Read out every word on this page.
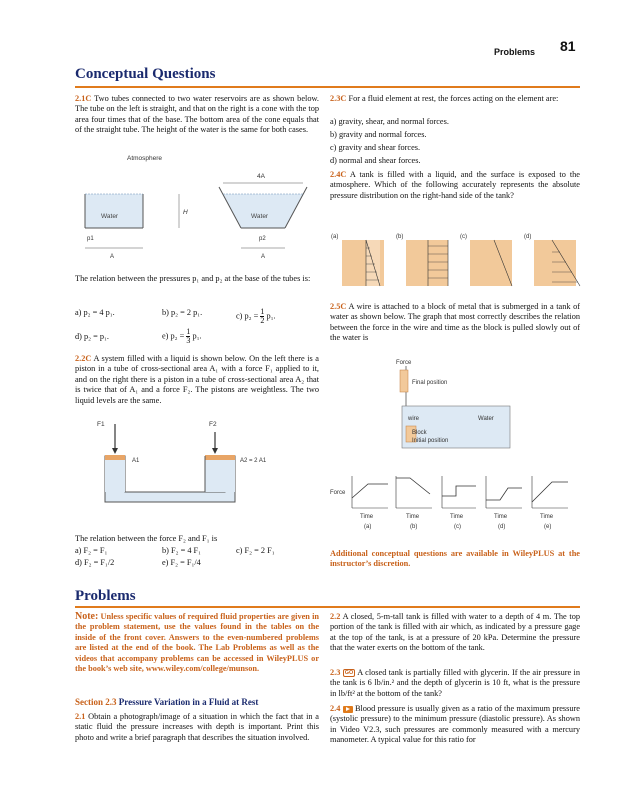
Problems 81
Conceptual Questions

2.1C Two tubes connected to two water reservoirs are as shown below. The tube on the left is straight, and that on the right is a cone with the top area four times that of the base. The bottom area of the cone equals that of the straight tube. The height of the water is the same for both cases.

Atmosphere
Water
p1
A
H
4A
Water
p2
A
The relation between the pressures p₁ and p₂ at the base of the tubes is:
a) p₂ = 4 p₁.	b) p₂ = 2 p₁.	c) $p_2 = \frac{1}{2} p_1$.
d) p₂ = p₁.	e) $p_2 = \frac{1}{3} p_1$.

2.2C A system filled with a liquid is shown below. On the left there is a piston in a tube of cross-sectional area A₁ with a force F₁ applied to it, and on the right there is a piston in a tube of cross-sectional area A₂ that is twice that of A₁ and a force F₂. The pistons are weightless. The two liquid levels are the same.

F1	F2
A1	A2 = 2 A1
The relation between the force F₂ and F₁ is
a) F₂ = F₁	b) F₂ = 4 F₁	c) F₂ = 2 F₁
d) F₂ = F₁/2	e) F₂ = F₁/4

2.3C For a fluid element at rest, the forces acting on the element are:

a) gravity, shear, and normal forces.
b) gravity and normal forces.
c) gravity and shear forces.
d) normal and shear forces.

2.4C A tank is filled with a liquid, and the surface is exposed to the atmosphere. Which of the following accurately represents the absolute pressure distribution on the right-hand side of the tank?

(a)	(b)	(c)	(d)

2.5C A wire is attached to a block of metal that is submerged in a tank of water as shown below. The graph that most correctly describes the relation between the force in the wire and time as the block is pulled slowly out of the water is

Force
Final position
wire	Water
Block
Initial position
Force
Time
(a)
Time
(b)
Time
(c)
Time
(d)
Time
(e)
Additional conceptual questions are available in WileyPLUS at the instructor’s discretion.
Problems

Note: Unless specific values of required fluid properties are given in the problem statement, use the values found in the tables on the inside of the front cover. Answers to the even-numbered problems are listed at the end of the book. The Lab Problems as well as the videos that accompany problems can be accessed in WileyPLUS or the book’s web site, www.wiley.com/college/munson.

Section 2.3 Pressure Variation in a Fluid at Rest

2.1 Obtain a photograph/image of a situation in which the fact that in a static fluid the pressure increases with depth is important. Print this photo and write a brief paragraph that describes the situation involved.

2.2 A closed, 5-m-tall tank is filled with water to a depth of 4 m. The top portion of the tank is filled with air which, as indicated by a pressure gage at the top of the tank, is at a pressure of 20 kPa. Determine the pressure that the water exerts on the bottom of the tank.

2.3 GO A closed tank is partially filled with glycerin. If the air pressure in the tank is 6 lb/in.² and the depth of glycerin is 10 ft, what is the pressure in lb/ft² at the bottom of the tank?

2.4 Blood pressure is usually given as a ratio of the maximum pressure (systolic pressure) to the minimum pressure (diastolic pressure). As shown in Video V2.3, such pressures are commonly measured with a mercury manometer. A typical value for this ratio for
